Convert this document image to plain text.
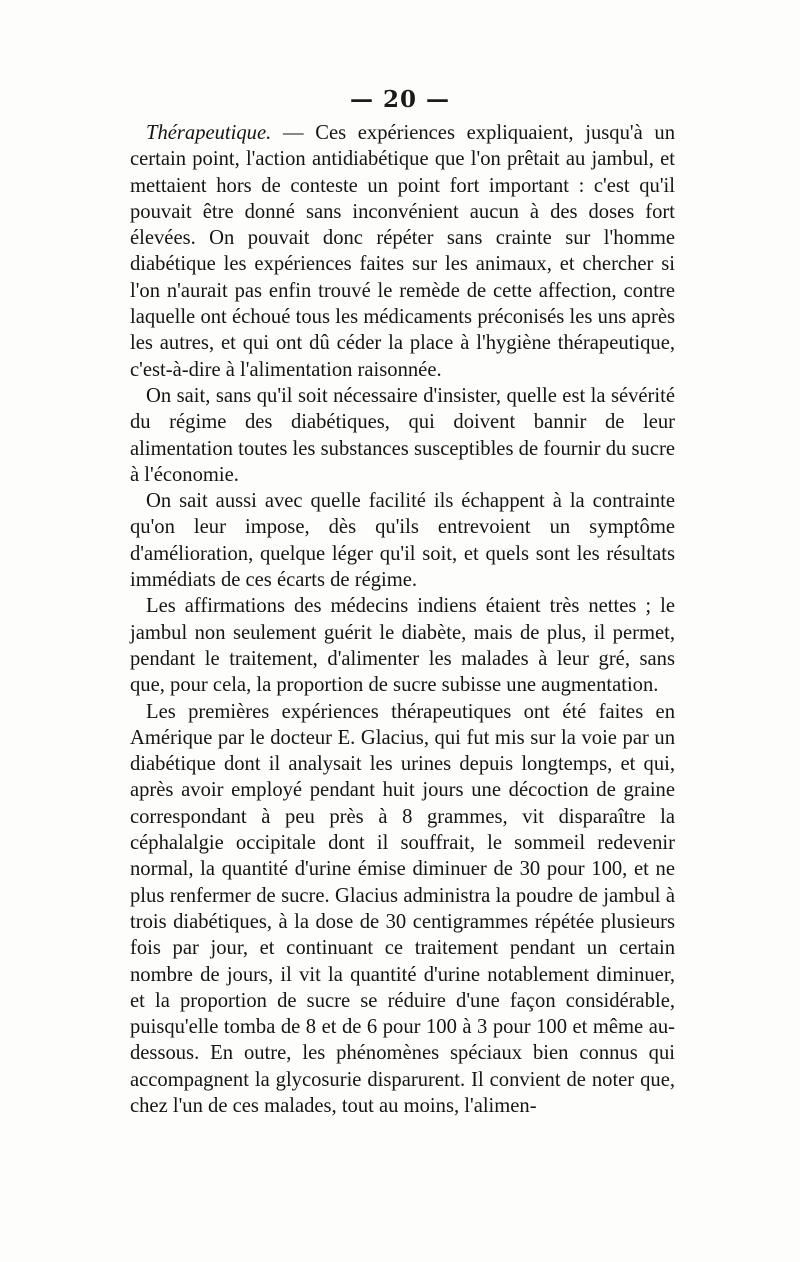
— 20 —

Thérapeutique. — Ces expériences expliquaient, jusqu'à un certain point, l'action antidiabétique que l'on prêtait au jambul, et mettaient hors de conteste un point fort important : c'est qu'il pouvait être donné sans inconvénient aucun à des doses fort élevées. On pouvait donc répéter sans crainte sur l'homme diabétique les expériences faites sur les animaux, et chercher si l'on n'aurait pas enfin trouvé le remède de cette affection, contre laquelle ont échoué tous les médicaments préconisés les uns après les autres, et qui ont dû céder la place à l'hygiène thérapeutique, c'est-à-dire à l'alimentation raisonnée.

On sait, sans qu'il soit nécessaire d'insister, quelle est la sévérité du régime des diabétiques, qui doivent bannir de leur alimentation toutes les substances susceptibles de fournir du sucre à l'économie.

On sait aussi avec quelle facilité ils échappent à la contrainte qu'on leur impose, dès qu'ils entrevoient un symptôme d'amélioration, quelque léger qu'il soit, et quels sont les résultats immédiats de ces écarts de régime.

Les affirmations des médecins indiens étaient très nettes ; le jambul non seulement guérit le diabète, mais de plus, il permet, pendant le traitement, d'alimenter les malades à leur gré, sans que, pour cela, la proportion de sucre subisse une augmentation.

Les premières expériences thérapeutiques ont été faites en Amérique par le docteur E. Glacius, qui fut mis sur la voie par un diabétique dont il analysait les urines depuis longtemps, et qui, après avoir employé pendant huit jours une décoction de graine correspondant à peu près à 8 grammes, vit disparaître la céphalalgie occipitale dont il souffrait, le sommeil redevenir normal, la quantité d'urine émise diminuer de 30 pour 100, et ne plus renfermer de sucre. Glacius administra la poudre de jambul à trois diabétiques, à la dose de 30 centigrammes répétée plusieurs fois par jour, et continuant ce traitement pendant un certain nombre de jours, il vit la quantité d'urine notablement diminuer, et la proportion de sucre se réduire d'une façon considérable, puisqu'elle tomba de 8 et de 6 pour 100 à 3 pour 100 et même au-dessous. En outre, les phénomènes spéciaux bien connus qui accompagnent la glycosurie disparurent. Il convient de noter que, chez l'un de ces malades, tout au moins, l'alimen-
